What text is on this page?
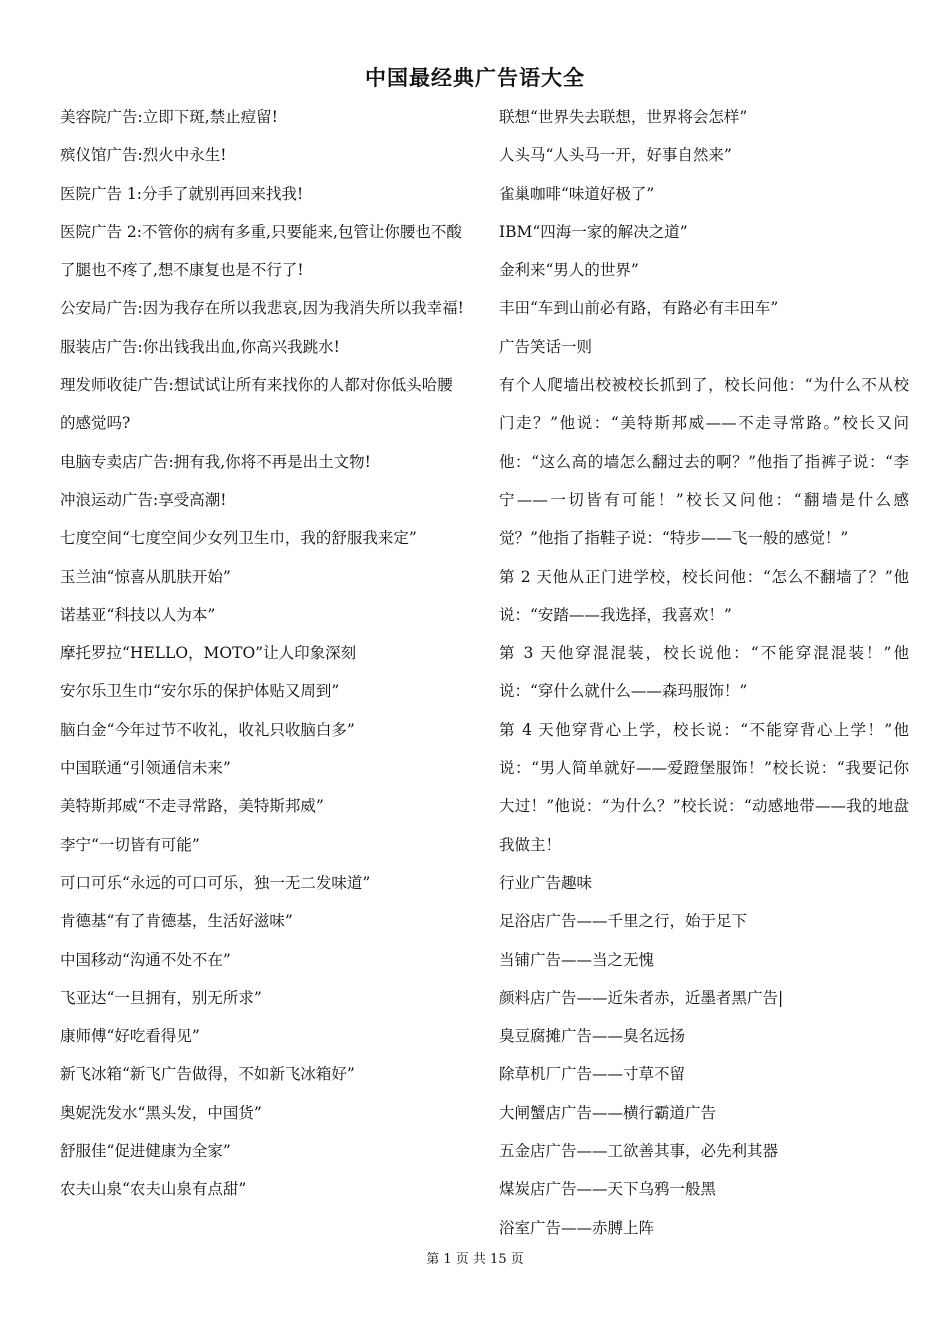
中国最经典广告语大全
美容院广告:立即下斑,禁止痘留!
殡仪馆广告:烈火中永生!
医院广告 1:分手了就别再回来找我!
医院广告 2:不管你的病有多重,只要能来,包管让你腰也不酸了腿也不疼了,想不康复也是不行了!
公安局广告:因为我存在所以我悲哀,因为我消失所以我幸福!
服装店广告:你出钱我出血,你高兴我跳水!
理发师收徒广告:想试试让所有来找你的人都对你低头哈腰的感觉吗?
电脑专卖店广告:拥有我,你将不再是出土文物!
冲浪运动广告:享受高潮!
七度空间“七度空间少女列卫生巾，我的舒服我来定”
玉兰油“惊喜从肌肤开始”
诺基亚“科技以人为本”
摩托罗拉“HELLO，MOTO”让人印象深刻
安尔乐卫生巾“安尔乐的保护体贴又周到”
脑白金“今年过节不收礼，收礼只收脑白多”
中国联通“引领通信未来”
美特斯邦威“不走寻常路，美特斯邦威”
李宁“一切皆有可能”
可口可乐“永远的可口可乐，独一无二发味道”
肯德基“有了肯德基，生活好滋味”
中国移动“沟通不处不在”
飞亚达“一旦拥有，别无所求”
康师傅“好吃看得见”
新飞冰箱“新飞广告做得，不如新飞冰箱好”
奥妮洗发水“黑头发，中国货”
舒服佳“促进健康为全家”
农夫山泉“农夫山泉有点甜”
联想“世界失去联想，世界将会怎样”
人头马“人头马一开，好事自然来”
雀巢咖啡“味道好极了”
IBM“四海一家的解决之道”
金利来“男人的世界”
丰田“车到山前必有路，有路必有丰田车”
广告笑话一则
有个人爬墙出校被校长抓到了，校长问他：“为什么不从校门走？”他说：“美特斯邦威——不走寻常路。”校长又问他：“这么高的墙怎么翻过去的啊？”他指了指裤子说：“李宁——一切皆有可能！”校长又问他：“翻墙是什么感觉？”他指了指鞋子说：“特步——飞一般的感觉！”
第 2 天他从正门进学校，校长问他：“怎么不翻墙了？”他说：“安踏——我选择，我喜欢！”
第 3 天他穿混混装，校长说他：“不能穿混混装！”他说：“穿什么就什么——森玛服饰！”
第 4 天他穿背心上学，校长说：“不能穿背心上学！”他说：“男人简单就好——爱蹬堡服饰！”校长说：“我要记你大过！”他说：“为什么？”校长说：“动感地带——我的地盘我做主！
行业广告趣味
足浴店广告——千里之行，始于足下
当铺广告——当之无愧
颜料店广告——近朱者赤，近墨者黑广告|
臭豆腐摊广告——臭名远扬
除草机厂广告——寸草不留
大闸蟹店广告——横行霸道广告
五金店广告——工欲善其事，必先利其器
煤炭店广告——天下乌鸦一般黑
浴室广告——赤膊上阵
第 1 页 共 15 页
